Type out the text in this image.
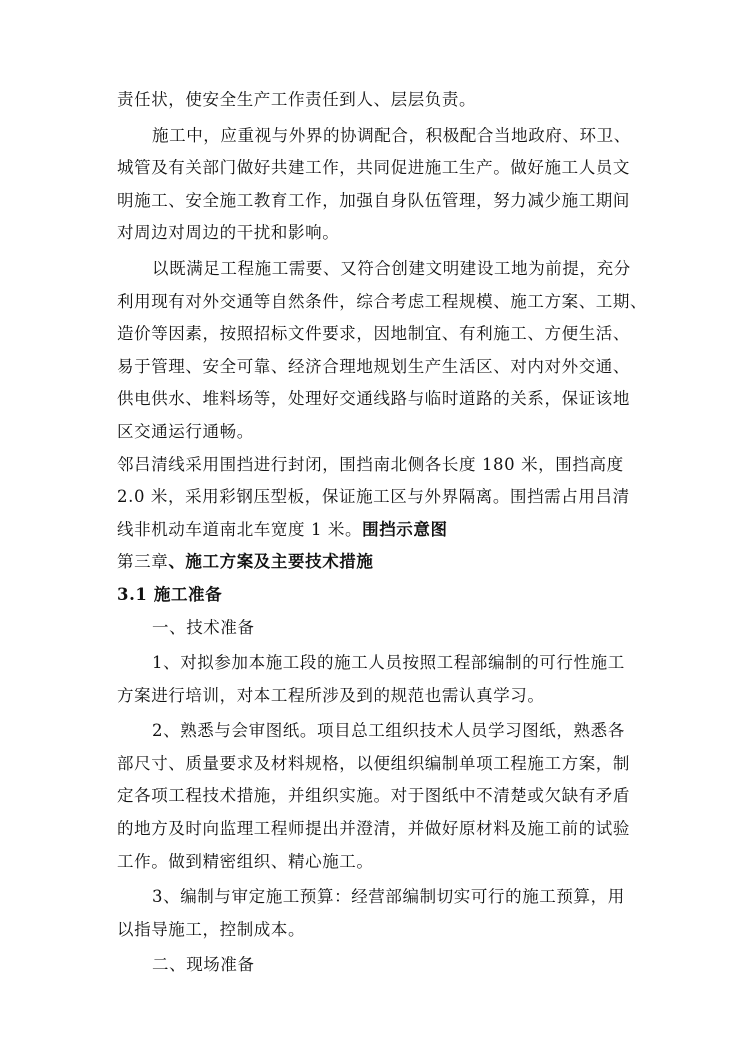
责任状，使安全生产工作责任到人、层层负责。
施工中，应重视与外界的协调配合，积极配合当地政府、环卫、
城管及有关部门做好共建工作，共同促进施工生产。做好施工人员文
明施工、安全施工教育工作，加强自身队伍管理，努力减少施工期间
对周边对周边的干扰和影响。
以既满足工程施工需要、又符合创建文明建设工地为前提，充分
利用现有对外交通等自然条件，综合考虑工程规模、施工方案、工期、
造价等因素，按照招标文件要求，因地制宜、有利施工、方便生活、
易于管理、安全可靠、经济合理地规划生产生活区、对内对外交通、
供电供水、堆料场等，处理好交通线路与临时道路的关系，保证该地
区交通运行通畅。
邻吕清线采用围挡进行封闭，围挡南北侧各长度 180 米，围挡高度
2.0 米，采用彩钢压型板，保证施工区与外界隔离。围挡需占用吕清
线非机动车道南北车宽度 1 米。围挡示意图
第三章、施工方案及主要技术措施
3.1 施工准备
一、技术准备
1、对拟参加本施工段的施工人员按照工程部编制的可行性施工
方案进行培训，对本工程所涉及到的规范也需认真学习。
2、熟悉与会审图纸。项目总工组织技术人员学习图纸，熟悉各
部尺寸、质量要求及材料规格，以便组织编制单项工程施工方案，制
定各项工程技术措施，并组织实施。对于图纸中不清楚或欠缺有矛盾
的地方及时向监理工程师提出并澄清，并做好原材料及施工前的试验
工作。做到精密组织、精心施工。
3、编制与审定施工预算：经营部编制切实可行的施工预算，用
以指导施工，控制成本。
二、现场准备
